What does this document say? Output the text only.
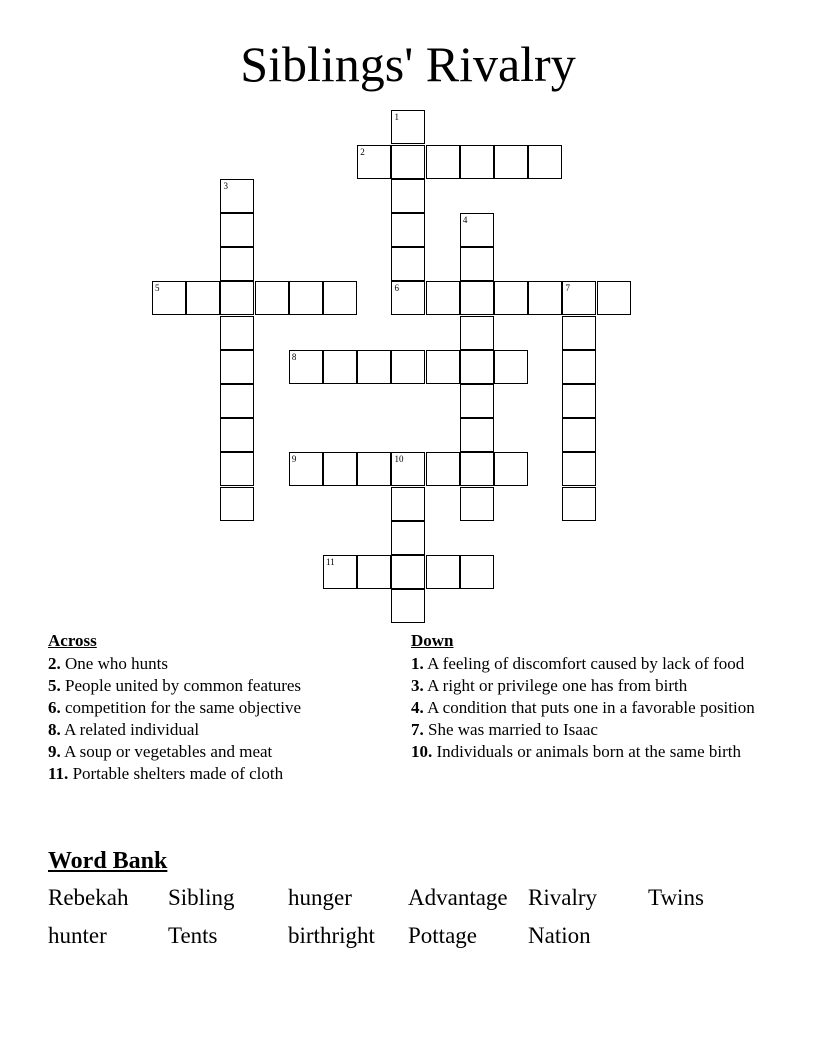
Siblings' Rivalry
1
2
3
4
5	6	7
8
9	10
11
Across
2. One who hunts
5. People united by common features
6. competition for the same objective
8. A related individual
9. A soup or vegetables and meat
11. Portable shelters made of cloth
Down
1. A feeling of discomfort caused by lack of food
3. A right or privilege one has from birth
4. A condition that puts one in a favorable position
7. She was married to Isaac
10. Individuals or animals born at the same birth
Word Bank
Rebekah Sibling hunger Advantage Rivalry Twins
hunter	Tents	birthright Pottage Nation
